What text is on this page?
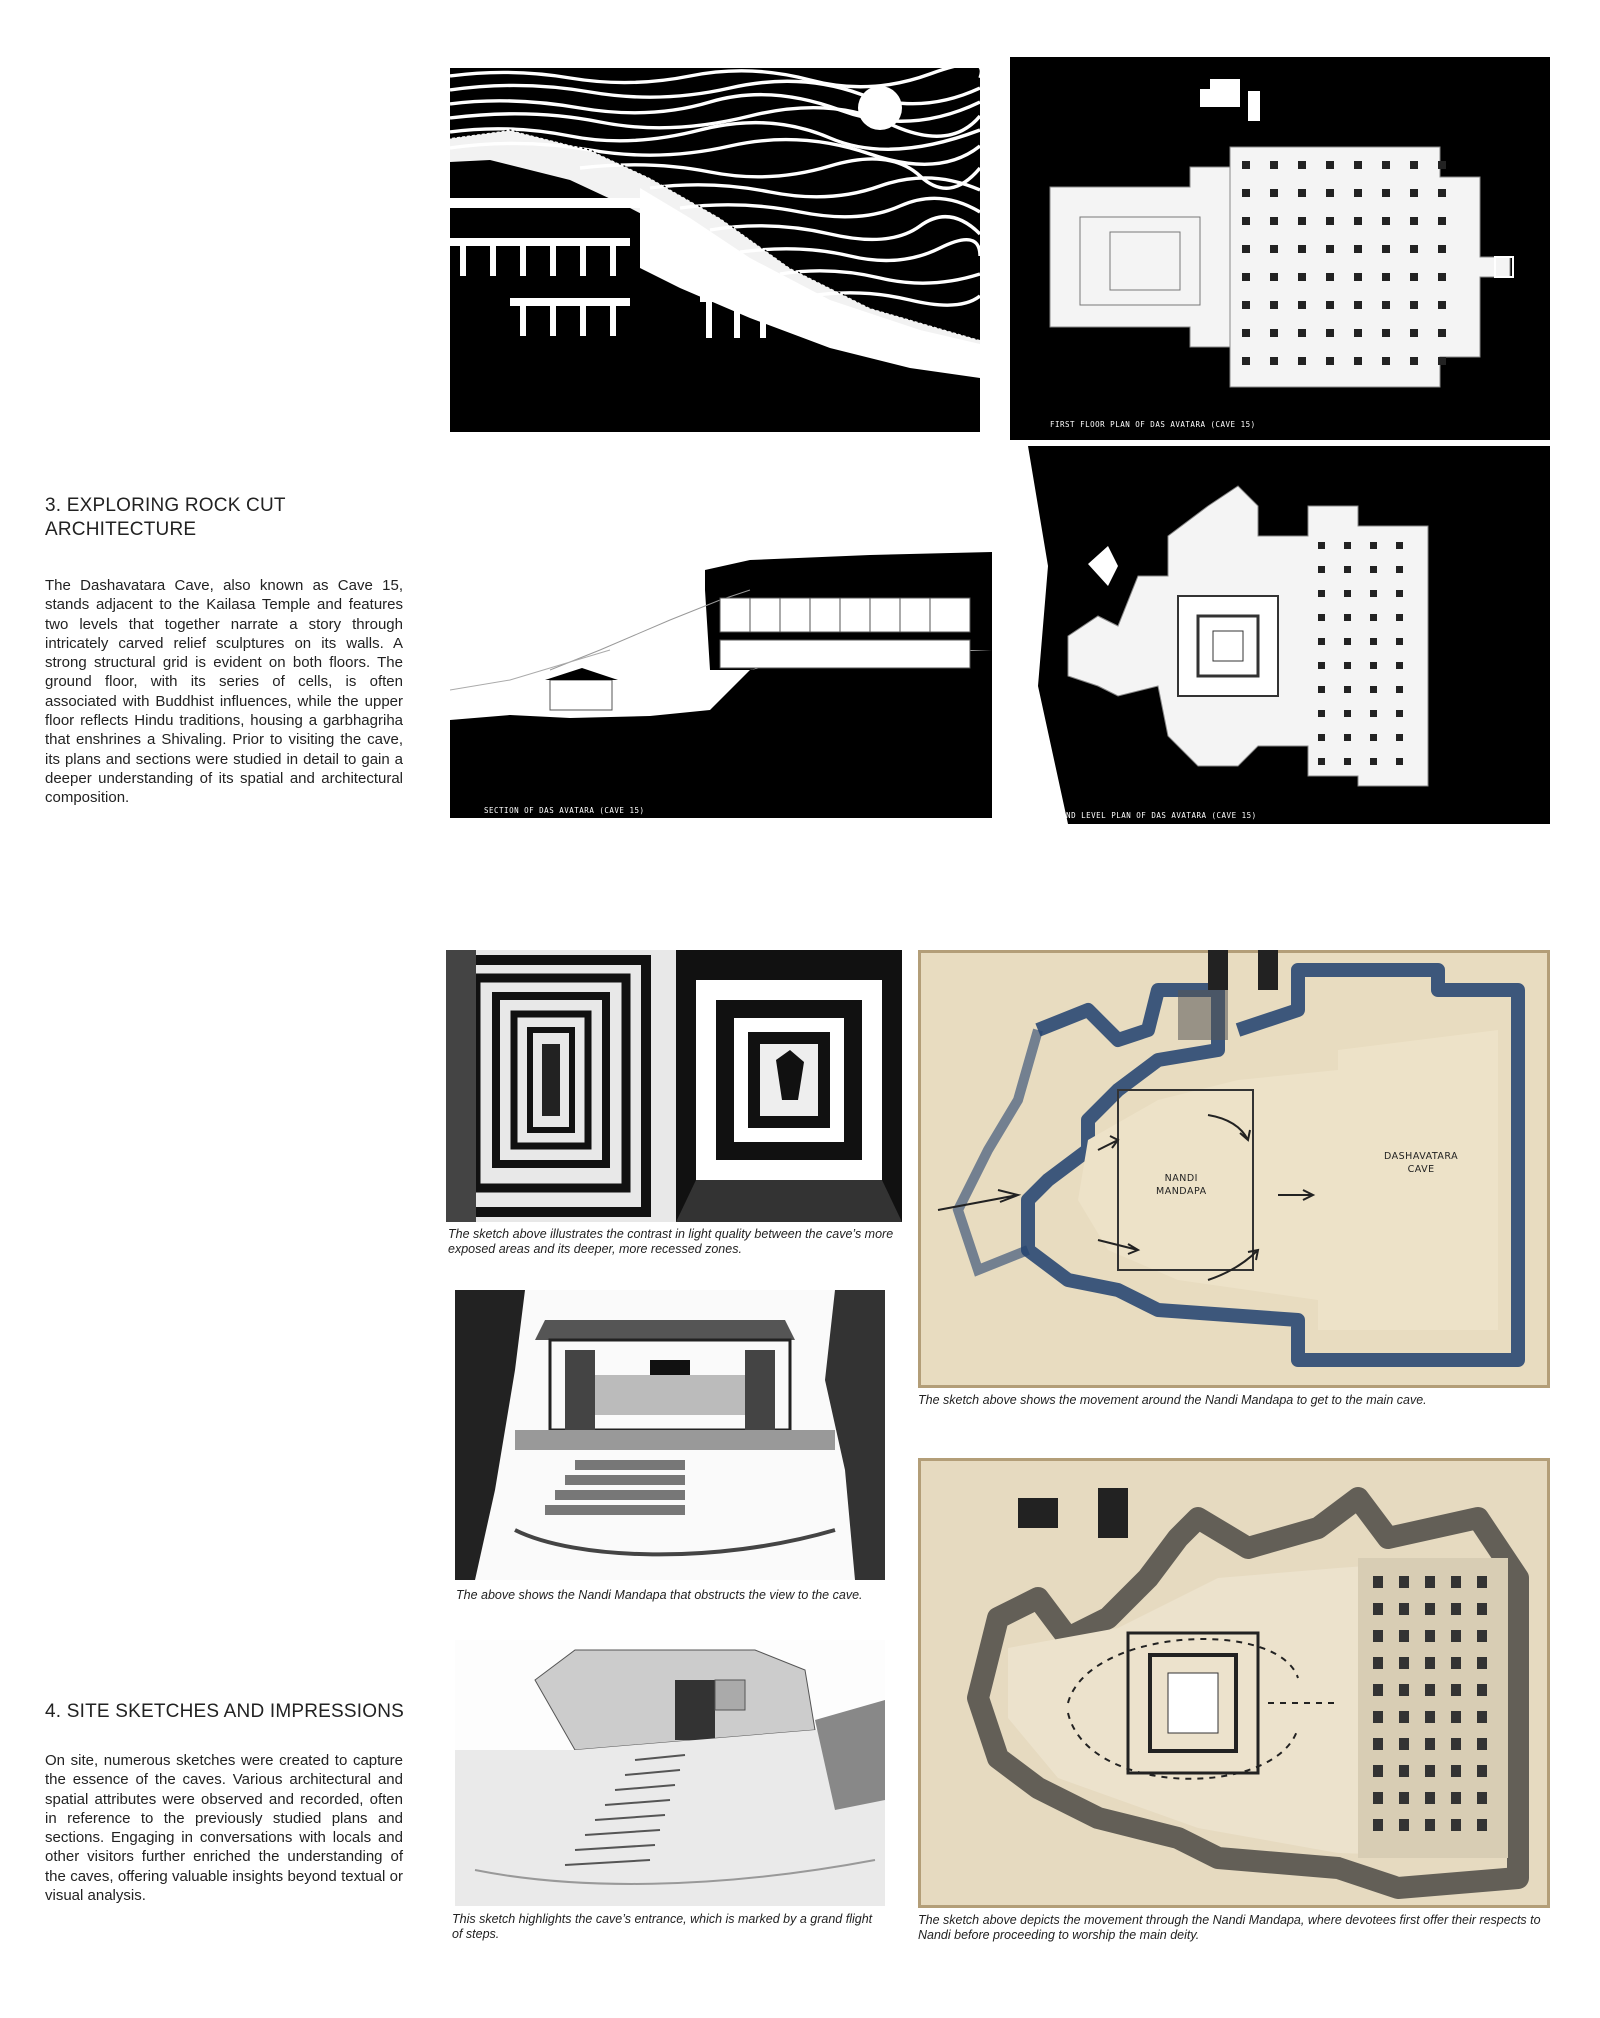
3. EXPLORING ROCK CUT
ARCHITECTURE
The Dashavatara Cave, also known as Cave 15, stands adjacent to the Kailasa Temple and features two levels that together narrate a story through intricately carved relief sculptures on its walls. A strong structural grid is evident on both floors. The ground floor, with its series of cells, is often associated with Buddhist influences, while the upper floor reflects Hindu traditions, housing a garbhagriha that enshrines a Shivaling. Prior to visiting the cave, its plans and sections were studied in detail to gain a deeper understanding of its spatial and architectural composition.
FIRST FLOOR PLAN OF DAS AVATARA (CAVE 15)
SECTION OF DAS AVATARA (CAVE 15)
GROUND LEVEL PLAN OF DAS AVATARA (CAVE 15)
The sketch above illustrates the contrast in light quality between the cave’s more exposed areas and its deeper, more recessed zones.
The above shows the Nandi Mandapa that obstructs the view to the cave.
This sketch highlights the cave’s entrance, which is marked by a grand flight of steps.
NANDI
MANDAPA
DASHAVATARA
CAVE
The sketch above shows the movement around the Nandi Mandapa to get to the main cave.
The sketch above depicts the movement through the Nandi Mandapa, where devotees first offer their respects to Nandi before proceeding to worship the main deity.
4. SITE SKETCHES AND IMPRESSIONS
On site, numerous sketches were created to capture the essence of the caves. Various architectural and spatial attributes were observed and recorded, often in reference to the previously studied plans and sections. Engaging in conversations with locals and other visitors further enriched the understanding of the caves, offering valuable insights beyond textual or visual analysis.
